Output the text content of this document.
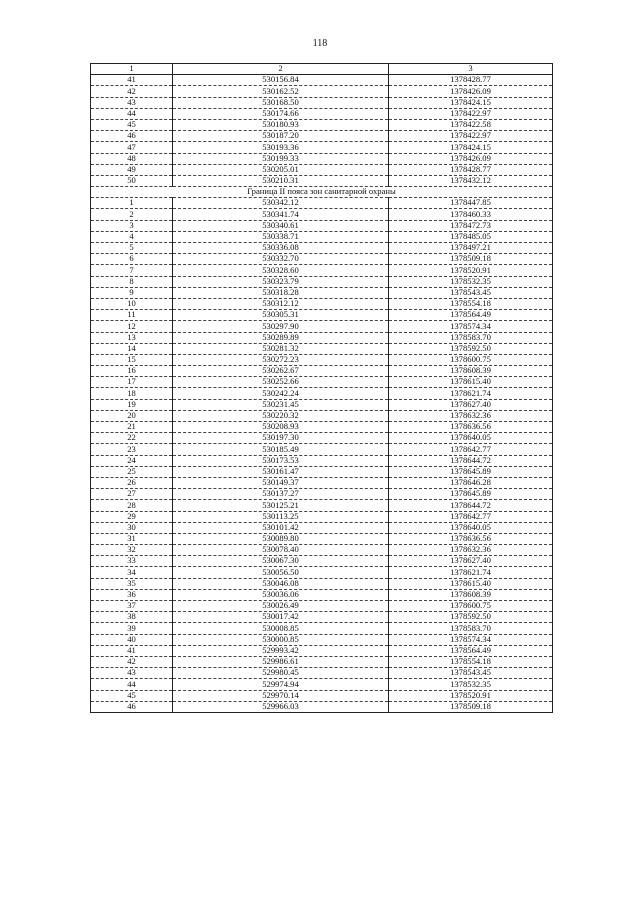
118
1	2	3
41	530156.84	1378428.77
42	530162.52	1378426.09
43	530168.50	1378424.15
44	530174.66	1378422.97
45	530180.93	1378422.58
46	530187.20	1378422.97
47	530193.36	1378424.15
48	530199.33	1378426.09
49	530205.01	1378428.77
50	530210.31	1378432.12
Граница II пояса зон санитарной охраны		
1	530342.12	1378447.85
2	530341.74	1378460.33
3	530340.61	1378472.73
4	530338.71	1378485.05
5	530336.08	1378497.21
6	530332.70	1378509.18
7	530328.60	1378520.91
8	530323.79	1378532.35
9	530318.28	1378543.45
10	530312.12	1378554.18
11	530305.31	1378564.49
12	530297.90	1378574.34
13	530289.89	1378583.70
14	530281.32	1378592.50
15	530272.23	1378600.75
16	530262.67	1378608.39
17	530252.66	1378615.40
18	530242.24	1378621.74
19	530231.45	1378627.40
20	530220.32	1378632.36
21	530208.93	1378636.56
22	530197.30	1378640.05
23	530185.49	1378642.77
24	530173.53	1378644.72
25	530161.47	1378645.89
26	530149.37	1378646.28
27	530137.27	1378645.89
28	530125.21	1378644.72
29	530113.25	1378642.77
30	530101.42	1378640.05
31	530089.80	1378636.56
32	530078.40	1378632.36
33	530067.30	1378627.40
34	530056.50	1378621.74
35	530046.08	1378615.40
36	530036.06	1378608.39
37	530026.49	1378600.75
38	530017.42	1378592.50
39	530008.85	1378583.70
40	530000.85	1378574.34
41	529993.42	1378564.49
42	529986.61	1378554.18
43	529980.45	1378543.45
44	529974.94	1378532.35
45	529970.14	1378520.91
46	529966.03	1378509.18
